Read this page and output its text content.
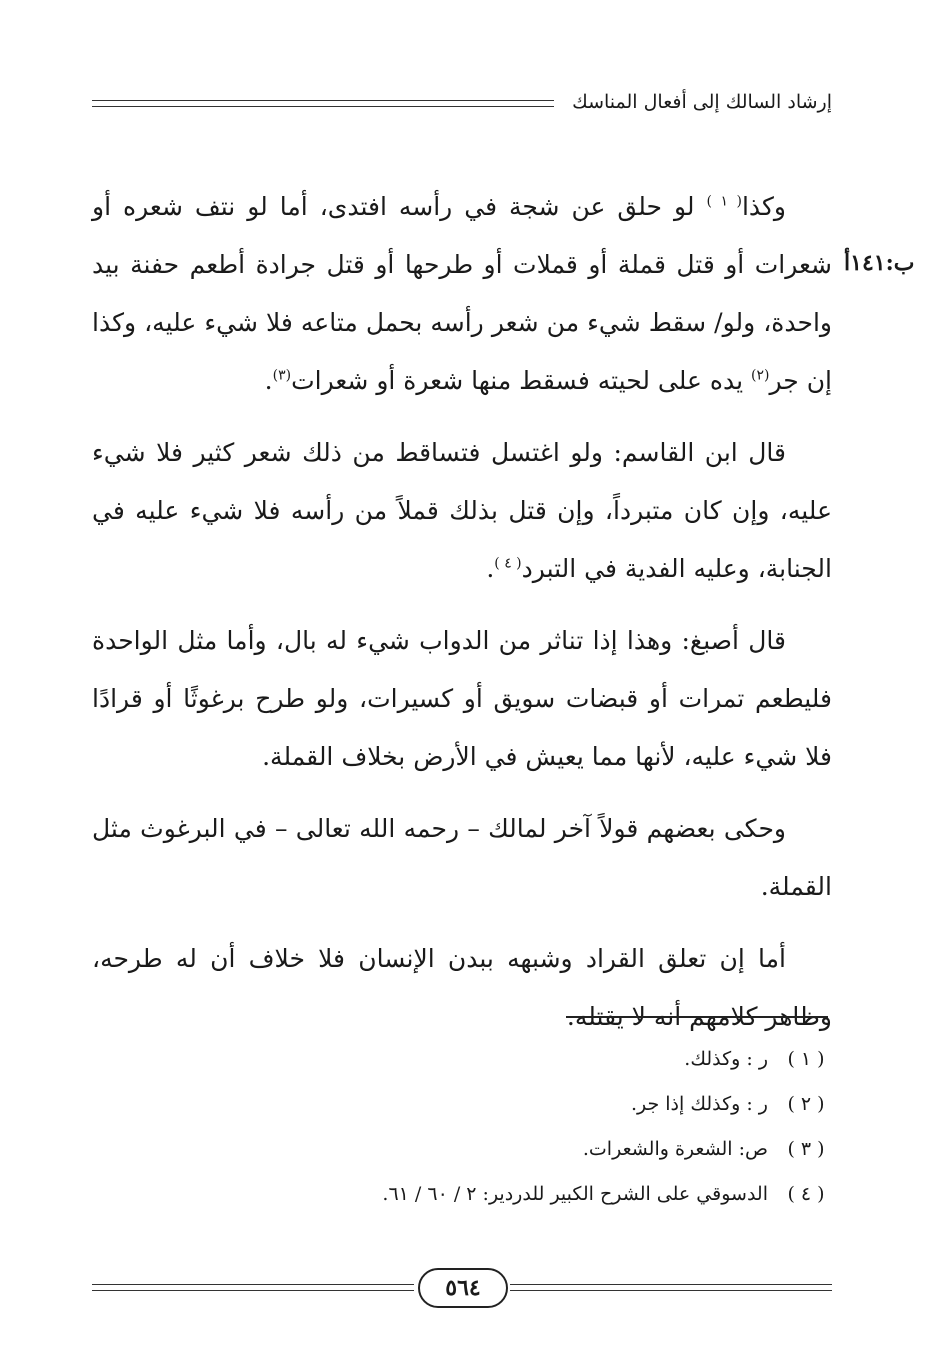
إرشاد السالك إلى أفعال المناسك
ب:١٤١أ

وكذا$^{( ١ )}$ لو حلق عن شجة في رأسه افتدى، أما لو نتف شعره أو شعرات أو قتل قملة أو قملات أو طرحها أو قتل جرادة أطعم حفنة بيد واحدة، ولو/ سقط شيء من شعر رأسه بحمل متاعه فلا شيء عليه، وكذا إن جر$^{(٢)}$ يده على لحيته فسقط منها شعرة أو شعرات$^{(٣)}$.

قال ابن القاسم: ولو اغتسل فتساقط من ذلك شعر كثير فلا شيء عليه، وإن كان متبرداً، وإن قتل بذلك قملاً من رأسه فلا شيء عليه في الجنابة، وعليه الفدية في التبرد$^{( ٤ )}$.

قال أصبغ: وهذا إذا تناثر من الدواب شيء له بال، وأما مثل الواحدة فليطعم تمرات أو قبضات سويق أو كسيرات، ولو طرح برغوثًا أو قرادًا فلا شيء عليه، لأنها مما يعيش في الأرض بخلاف القملة.

وحكى بعضهم قولاً آخر لمالك – رحمه الله تعالى – في البرغوث مثل القملة.

أما إن تعلق القراد وشبهه ببدن الإنسان فلا خلاف أن له طرحه، وظاهر كلامهم أنه لا يقتله.

( ١ )ر : وكذلك.
( ٢ )ر : وكذلك إذا جر.
( ٣ )ص: الشعرة والشعرات.
( ٤ )الدسوقي على الشرح الكبير للدردير: ٢ / ٦٠ / ٦١.
٥٦٤
